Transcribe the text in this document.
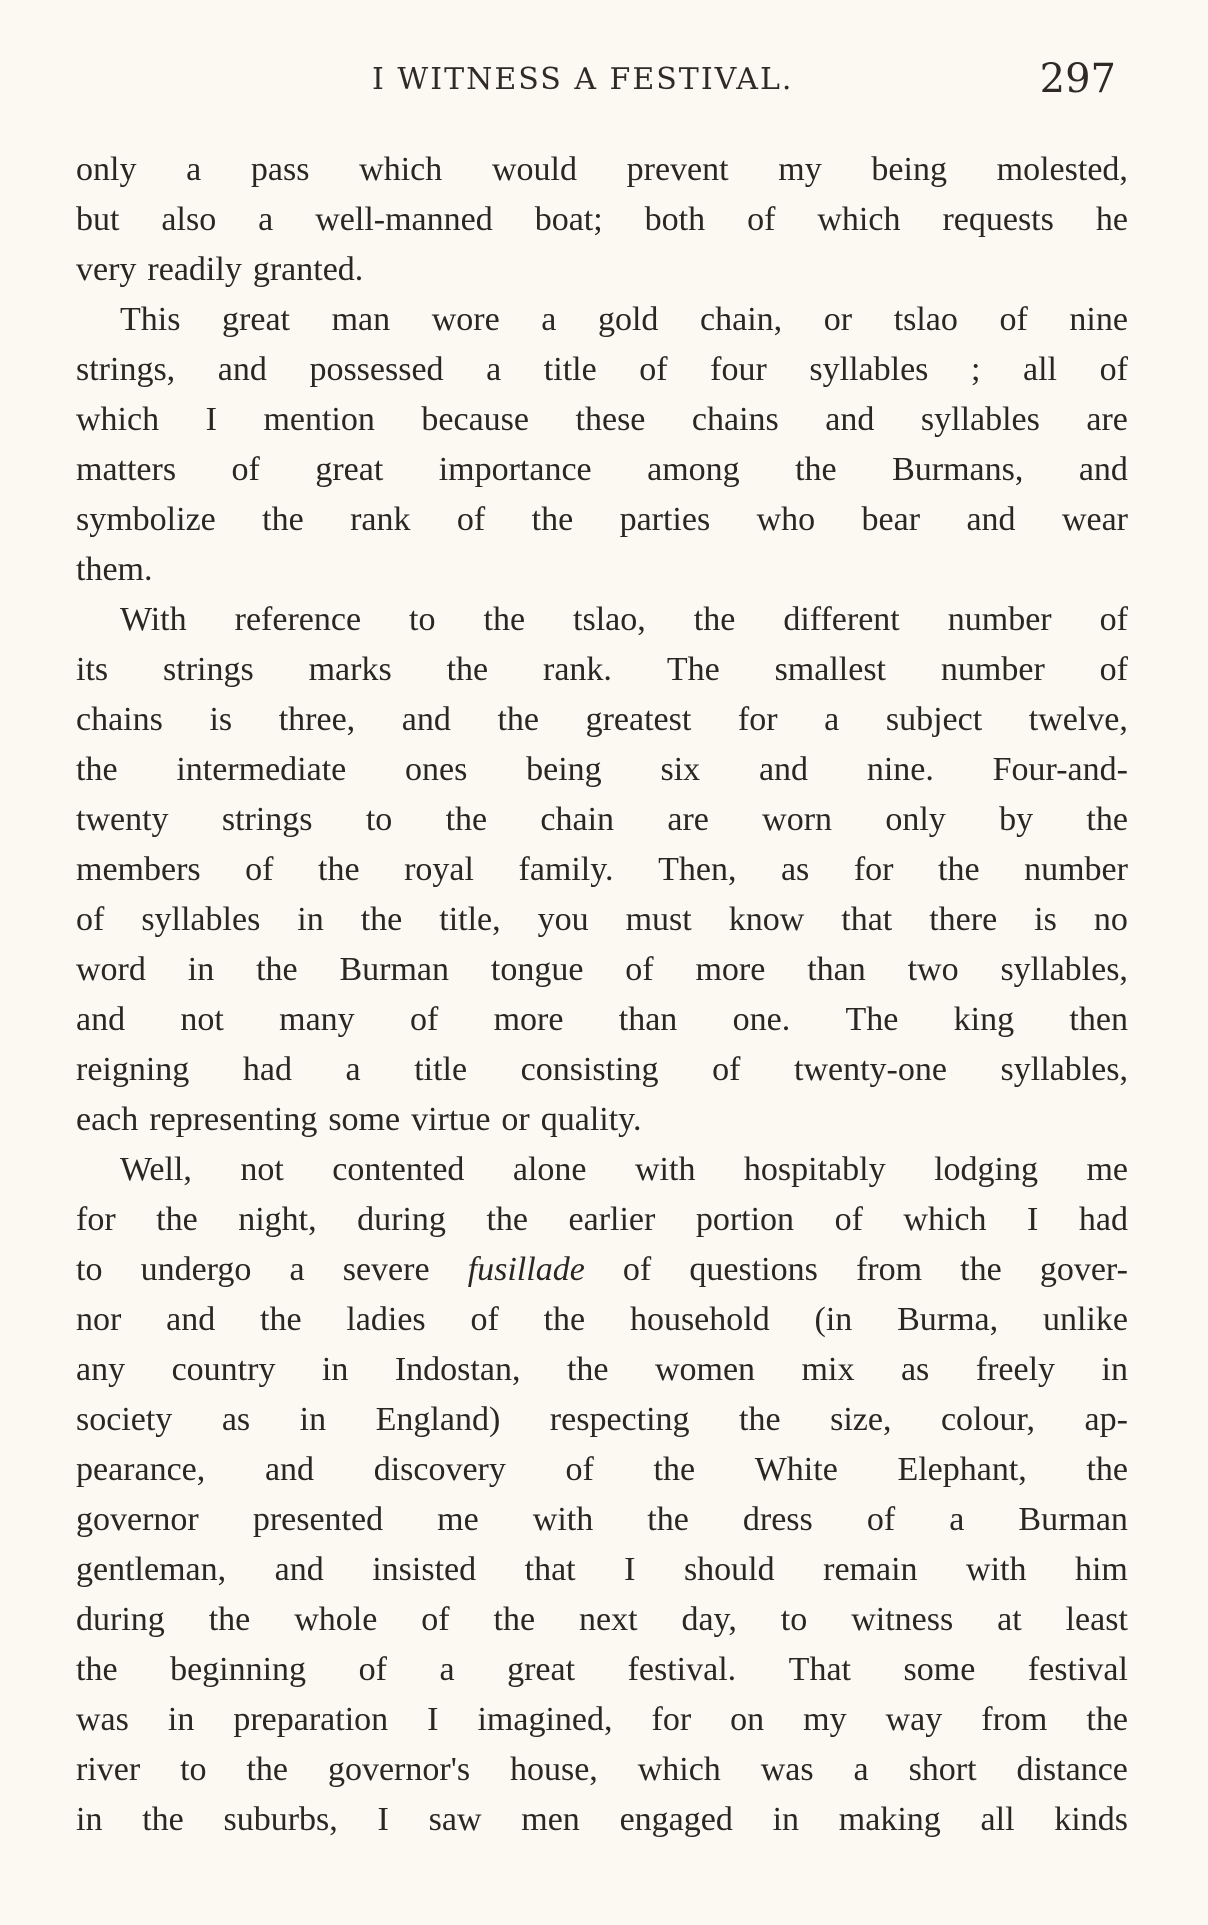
I WITNESS A FESTIVAL.	297
only a pass which would prevent my being molested,
but also a well-manned boat; both of which requests he
very readily granted.
This great man wore a gold chain, or tslao of nine
strings, and possessed a title of four syllables ; all of
which I mention because these chains and syllables are
matters of great importance among the Burmans, and
symbolize the rank of the parties who bear and wear
them.
With reference to the tslao, the different number of
its strings marks the rank. The smallest number of
chains is three, and the greatest for a subject twelve,
the intermediate ones being six and nine. Four-and-
twenty strings to the chain are worn only by the
members of the royal family. Then, as for the number
of syllables in the title, you must know that there is no
word in the Burman tongue of more than two syllables,
and not many of more than one. The king then
reigning had a title consisting of twenty-one syllables,
each representing some virtue or quality.
Well, not contented alone with hospitably lodging me
for the night, during the earlier portion of which I had
to undergo a severe fusillade of questions from the gover-
nor and the ladies of the household (in Burma, unlike
any country in Indostan, the women mix as freely in
society as in England) respecting the size, colour, ap-
pearance, and discovery of the White Elephant, the
governor presented me with the dress of a Burman
gentleman, and insisted that I should remain with him
during the whole of the next day, to witness at least
the beginning of a great festival. That some festival
was in preparation I imagined, for on my way from the
river to the governor's house, which was a short distance
in the suburbs, I saw men engaged in making all kinds
